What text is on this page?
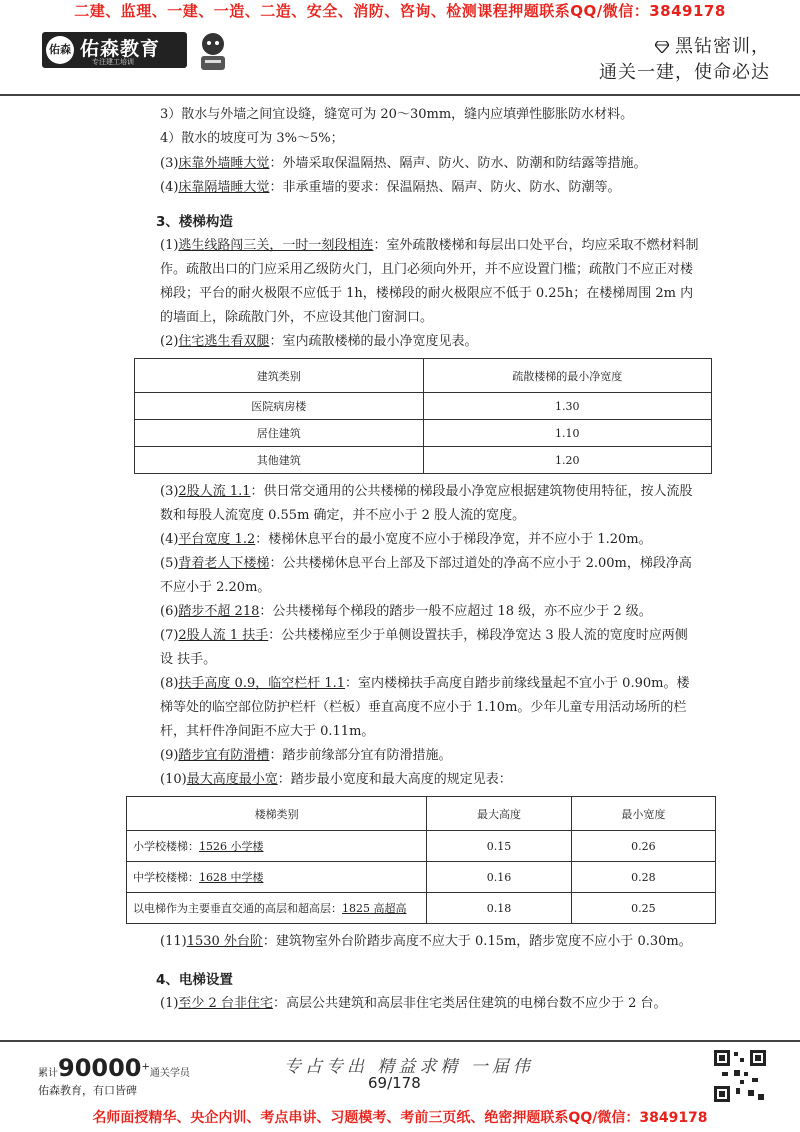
二建、监理、一建、一造、二造、安全、消防、咨询、检测课程押题联系QQ/微信：3849178
佑森 佑森教育
专注建工培训
黑钻密训，
通关一建，使命必达

3）散水与外墙之间宜设缝，缝宽可为 20～30mm，缝内应填弹性膨胀防水材料。

4）散水的坡度可为 3%～5%；

(3)床靠外墙睡大觉：外墙采取保温隔热、隔声、防火、防水、防潮和防结露等措施。

(4)床靠隔墙睡大觉：非承重墙的要求：保温隔热、隔声、防火、防水、防潮等。

3、楼梯构造

(1)逃生线路闯三关，一时一刻段相连：室外疏散楼梯和每层出口处平台，均应采取不燃材料制作。疏散出口的门应采用乙级防火门，且门必须向外开，并不应设置门槛；疏散门不应正对楼梯段；平台的耐火极限不应低于 1h，楼梯段的耐火极限应不低于 0.25h；在楼梯周围 2m 内的墙面上，除疏散门外，不应设其他门窗洞口。

(2)住宅逃生看双腿：室内疏散楼梯的最小净宽度见表。

建筑类别	疏散楼梯的最小净宽度
医院病房楼	1.30
居住建筑	1.10
其他建筑	1.20

(3)2股人流 1.1：供日常交通用的公共楼梯的梯段最小净宽应根据建筑物使用特征，按人流股数和每股人流宽度 0.55m 确定，并不应小于 2 股人流的宽度。

(4)平台宽度 1.2：楼梯休息平台的最小宽度不应小于梯段净宽，并不应小于 1.20m。

(5)背着老人下楼梯：公共楼梯休息平台上部及下部过道处的净高不应小于 2.00m，梯段净高不应小于 2.20m。

(6)踏步不超 218：公共楼梯每个梯段的踏步一般不应超过 18 级，亦不应少于 2 级。

(7)2股人流 1 扶手：公共楼梯应至少于单侧设置扶手，梯段净宽达 3 股人流的宽度时应两侧设 扶手。

(8)扶手高度 0.9，临空栏杆 1.1：室内楼梯扶手高度自踏步前缘线量起不宜小于 0.90m。楼梯等处的临空部位防护栏杆（栏板）垂直高度不应小于 1.10m。少年儿童专用活动场所的栏杆，其杆件净间距不应大于 0.11m。

(9)踏步宜有防滑槽：踏步前缘部分宜有防滑措施。

(10)最大高度最小宽：踏步最小宽度和最大高度的规定见表：

楼梯类别	最大高度	最小宽度
小学校楼梯：1526 小学楼	0.15	0.26
中学校楼梯：1628 中学楼	0.16	0.28
以电梯作为主要垂直交通的高层和超高层：1825 高超高	0.18	0.25

(11)1530 外台阶：建筑物室外台阶踏步高度不应大于 0.15m，踏步宽度不应小于 0.30m。

4、电梯设置

(1)至少 2 台非住宅：高层公共建筑和高层非住宅类居住建筑的电梯台数不应少于 2 台。

累计90000+通关学员
佑森教育，有口皆碑
专占专出 精益求精 一届伟
69/178
名师面授精华、央企内训、考点串讲、习题模考、考前三页纸、绝密押题联系QQ/微信：3849178
